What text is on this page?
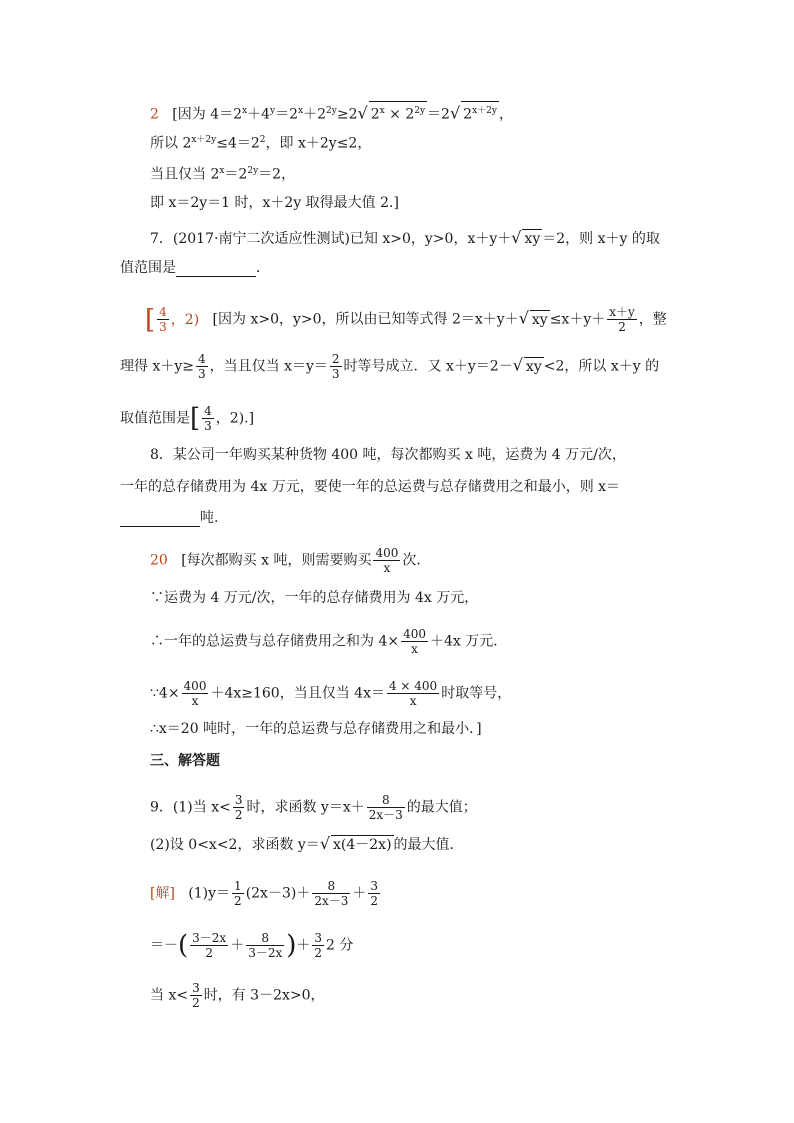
2 [因为 $4=2^x+4^y=2^x+2^{2y}\ge 2√$ $2^x \times 2^{2y} =2√$ $2^{x+2y}$ ，
所以 $2^{x+2y}\le 4=2^2$，即 x＋2y≤2，
当且仅当 $2^x=2^{2y}=2$，
即 x＝2y＝1 时，x＋2y 取得最大值 2.]
7．(2017·南宁二次适应性测试)已知 x>0，y>0，x＋y＋√ xy ＝2，则 x＋y 的取
值范围是	．
[ $\frac{4}{3}$ ，2) [因为 x>0，y>0，所以由已知等式得 2＝x＋y＋√ xy $\le x+y+ \frac{x+y}{2}$ ，整
理得 $x+y\ge \frac{4}{3}$ ，当且仅当 $x=y= \frac{2}{3}$ 时等号成立．又 x＋y＝2－√ xy <2，所以 x＋y 的
取值范围是[ $\frac{4}{3}$ ，2).]
8．某公司一年购买某种货物 400 吨，每次都购买 x 吨，运费为 4 万元/次，
一年的总存储费用为 4x 万元，要使一年的总运费与总存储费用之和最小，则 x＝
吨.
20 [每次都购买 x 吨，则需要购买 $\frac{400}{x}$ 次．
∵运费为 4 万元/次，一年的总存储费用为 4x 万元，
∴一年的总运费与总存储费用之和为 $4\times \frac{400}{x} +4x$ 万元．
∵4× $\frac{400}{x} +4x\ge 160$，当且仅当 $4x= \frac{4 \times 400}{x}$ 时取等号，
∴x＝20 吨时，一年的总运费与总存储费用之和最小．]
三、解答题
9．(1)当 $x< \frac{3}{2}$ 时，求函数 $y=x+ \frac{8}{2x-3}$ 的最大值；
(2)设 0<x<2，求函数 y＝√ x(4－2x) 的最大值．
[解] $(1)y= \frac{1}{2} (2x-3)+ \frac{8}{2x-3} + \frac{3}{2}$
＝－( $\frac{3-2x}{2} + \frac{8}{3-2x}$ )＋ $\frac{3}{2} 2$ 分
当 $x< \frac{3}{2}$ 时，有 3－2x>0，
